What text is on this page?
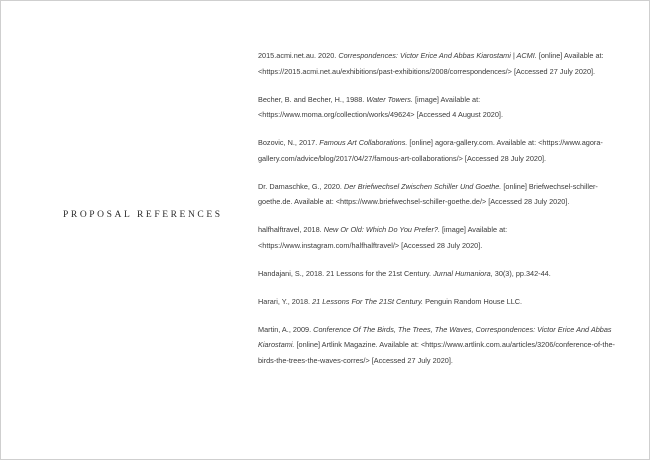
PROPOSAL REFERENCES

2015.acmi.net.au. 2020. Correspondences: Victor Erice And Abbas Kiarostami | ACMI. [online] Available at: <https://2015.acmi.net.au/exhibitions/past-exhibitions/2008/correspondences/> [Accessed 27 July 2020].

Becher, B. and Becher, H., 1988. Water Towers. [image] Available at: <https://www.moma.org/collection/works/49624> [Accessed 4 August 2020].

Bozovic, N., 2017. Famous Art Collaborations. [online] agora-gallery.com. Available at: <https://www.agora-gallery.com/advice/blog/2017/04/27/famous-art-collaborations/> [Accessed 28 July 2020].

Dr. Damaschke, G., 2020. Der Briefwechsel Zwischen Schiller Und Goethe. [online] Briefwechsel-schiller-goethe.de. Available at: <https://www.briefwechsel-schiller-goethe.de/> [Accessed 28 July 2020].

halfhalftravel, 2018. New Or Old: Which Do You Prefer?. [image] Available at: <https://www.instagram.com/halfhalftravel/> [Accessed 28 July 2020].

Handajani, S., 2018. 21 Lessons for the 21st Century. Jurnal Humaniora, 30(3), pp.342-44.

Harari, Y., 2018. 21 Lessons For The 21St Century. Penguin Random House LLC.

Martin, A., 2009. Conference Of The Birds, The Trees, The Waves, Correspondences: Victor Erice And Abbas Kiarostami. [online] Artlink Magazine. Available at: <https://www.artlink.com.au/articles/3206/conference-of-the-birds-the-trees-the-waves-corres/> [Accessed 27 July 2020].
